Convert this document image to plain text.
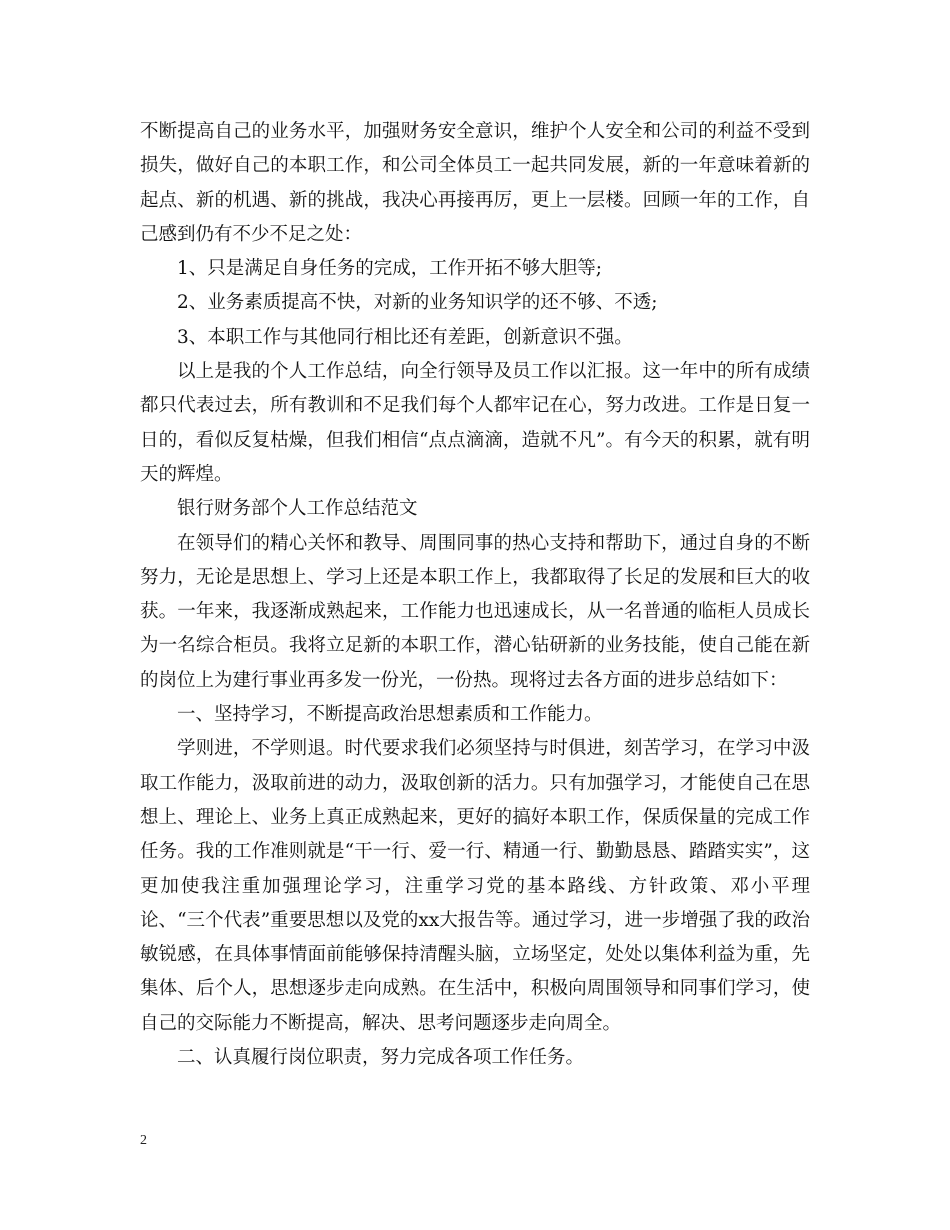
不断提高自己的业务水平，加强财务安全意识，维护个人安全和公司的利益不受到损失，做好自己的本职工作，和公司全体员工一起共同发展，新的一年意味着新的起点、新的机遇、新的挑战，我决心再接再厉，更上一层楼。回顾一年的工作，自己感到仍有不少不足之处：

1、只是满足自身任务的完成，工作开拓不够大胆等;

2、业务素质提高不快，对新的业务知识学的还不够、不透;

3、本职工作与其他同行相比还有差距，创新意识不强。

以上是我的个人工作总结，向全行领导及员工作以汇报。这一年中的所有成绩都只代表过去，所有教训和不足我们每个人都牢记在心，努力改进。工作是日复一日的，看似反复枯燥，但我们相信“点点滴滴，造就不凡”。有今天的积累，就有明天的辉煌。

银行财务部个人工作总结范文

在领导们的精心关怀和教导、周围同事的热心支持和帮助下，通过自身的不断努力，无论是思想上、学习上还是本职工作上，我都取得了长足的发展和巨大的收获。一年来，我逐渐成熟起来，工作能力也迅速成长，从一名普通的临柜人员成长为一名综合柜员。我将立足新的本职工作，潜心钻研新的业务技能，使自己能在新的岗位上为建行事业再多发一份光，一份热。现将过去各方面的进步总结如下：

一、坚持学习，不断提高政治思想素质和工作能力。

学则进，不学则退。时代要求我们必须坚持与时俱进，刻苦学习，在学习中汲取工作能力，汲取前进的动力，汲取创新的活力。只有加强学习，才能使自己在思想上、理论上、业务上真正成熟起来，更好的搞好本职工作，保质保量的完成工作任务。我的工作准则就是“干一行、爱一行、精通一行、勤勤恳恳、踏踏实实”，这更加使我注重加强理论学习，注重学习党的基本路线、方针政策、邓小平理论、“三个代表”重要思想以及党的xx大报告等。通过学习，进一步增强了我的政治敏锐感，在具体事情面前能够保持清醒头脑，立场坚定，处处以集体利益为重，先集体、后个人，思想逐步走向成熟。在生活中，积极向周围领导和同事们学习，使自己的交际能力不断提高，解决、思考问题逐步走向周全。

二、认真履行岗位职责，努力完成各项工作任务。

2
